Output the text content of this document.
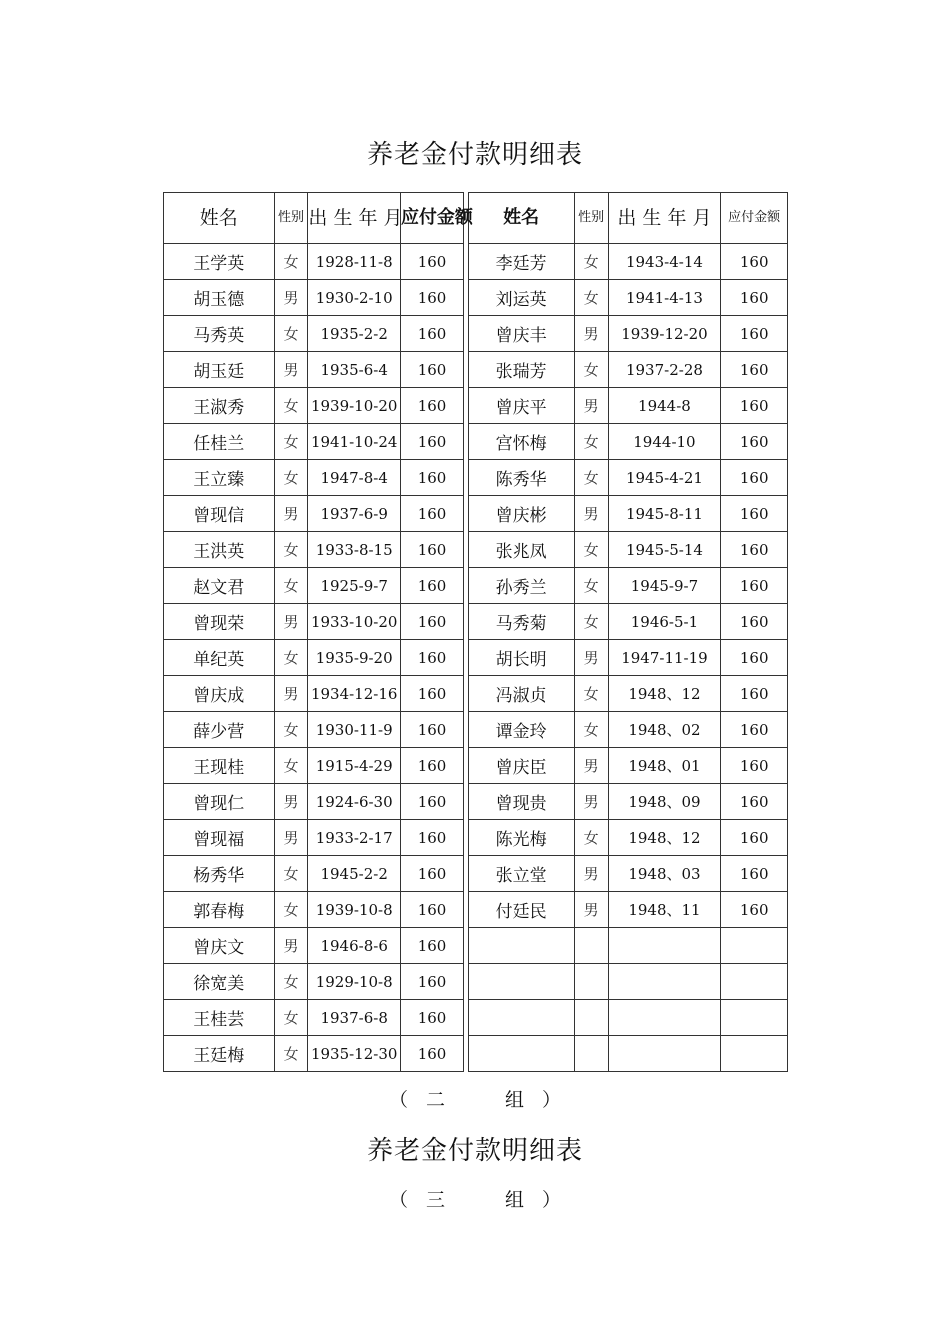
养老金付款明细表
姓名	性别	出 生 年 月	应付金额		姓名	性别	出 生 年 月	应付金额
王学英	女	1928-11-8	160		李廷芳	女	1943-4-14	160
胡玉德	男	1930-2-10	160		刘运英	女	1941-4-13	160
马秀英	女	1935-2-2	160		曾庆丰	男	1939-12-20	160
胡玉廷	男	1935-6-4	160		张瑞芳	女	1937-2-28	160
王淑秀	女	1939-10-20	160		曾庆平	男	1944-8	160
任桂兰	女	1941-10-24	160		宫怀梅	女	1944-10	160
王立臻	女	1947-8-4	160		陈秀华	女	1945-4-21	160
曾现信	男	1937-6-9	160		曾庆彬	男	1945-8-11	160
王洪英	女	1933-8-15	160		张兆凤	女	1945-5-14	160
赵文君	女	1925-9-7	160		孙秀兰	女	1945-9-7	160
曾现荣	男	1933-10-20	160		马秀菊	女	1946-5-1	160
单纪英	女	1935-9-20	160		胡长明	男	1947-11-19	160
曾庆成	男	1934-12-16	160		冯淑贞	女	1948、12	160
薛少营	女	1930-11-9	160		谭金玲	女	1948、02	160
王现桂	女	1915-4-29	160		曾庆臣	男	1948、01	160
曾现仁	男	1924-6-30	160		曾现贵	男	1948、09	160
曾现福	男	1933-2-17	160		陈光梅	女	1948、12	160
杨秀华	女	1945-2-2	160		张立堂	男	1948、03	160
郭春梅	女	1939-10-8	160		付廷民	男	1948、11	160
曾庆文	男	1946-8-6	160					
徐宽美	女	1929-10-8	160					
王桂芸	女	1937-6-8	160					
王廷梅	女	1935-12-30	160					
（ 二	组 ）
养老金付款明细表
（ 三	组 ）
